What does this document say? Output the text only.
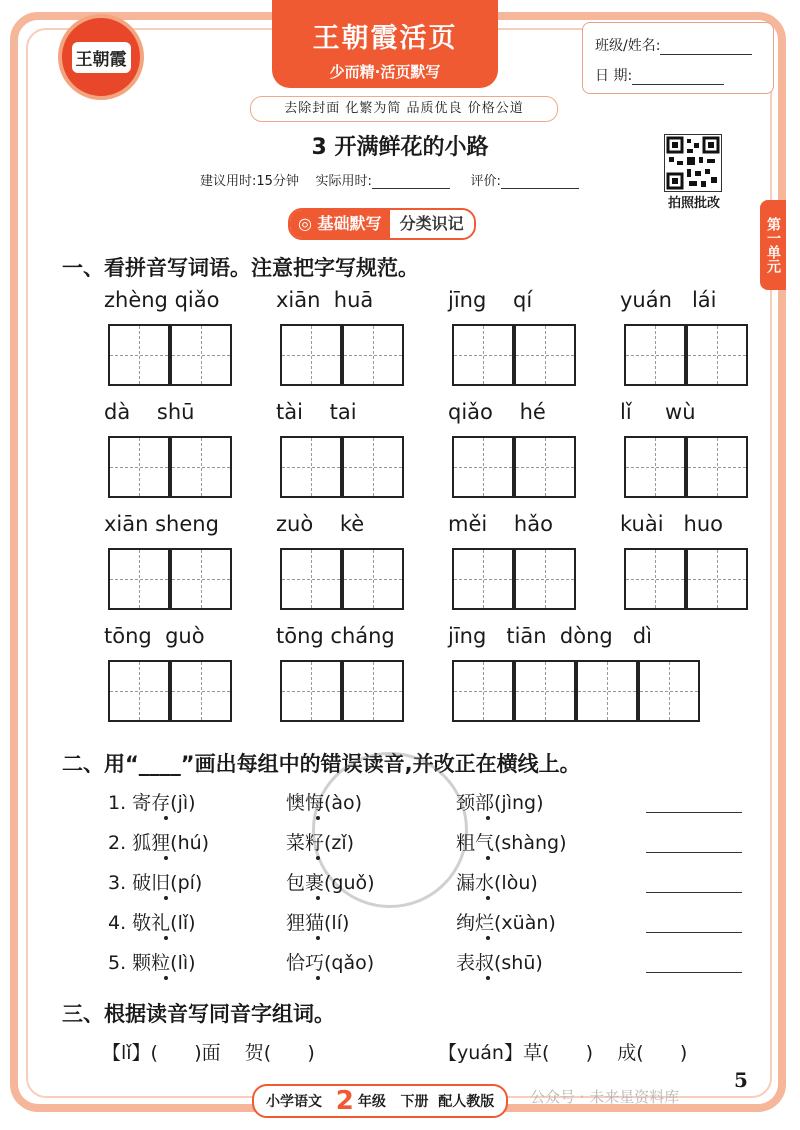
王朝霞
王朝霞活页
少而精·活页默写
班级/姓名:
日 期:
去除封面 化繁为简 品质优良 价格公道
3 开满鲜花的小路
建议用时:15分钟 实际用时:	评价:
拍照批改
第一单元
◎ 基础默写	分类识记
一、看拼音写词语。注意把字写规范。
zhèng qiǎo	xiān  huā	jīng    qí	yuán   lái
dà    shū	tài    tai	qiǎo    hé	lǐ     wù
xiān sheng	zuò    kè	měi    hǎo	kuài   huo
tōng  guò	tōng cháng	jīng   tiān  dòng   dì
二、用“____”画出每组中的错误读音,并改正在横线上。
1. 寄存(jì)	懊悔(ào)	颈部(jìng)
2. 狐狸(hú)	菜籽(zǐ)	粗气(shàng)
3. 破旧(pí)	包裹(guǒ)	漏水(lòu)
4. 敬礼(lǐ)	狸猫(lí)	绚烂(xüàn)
5. 颗粒(lì)	恰巧(qǎo)	表叔(shū)
三、根据读音写同音字组词。
【lǐ】(      )面    贺(      )	【yuán】草(      )    成(      )
小学语文
2 年级
下册
配人教版
5
公众号 · 未来星资料库
